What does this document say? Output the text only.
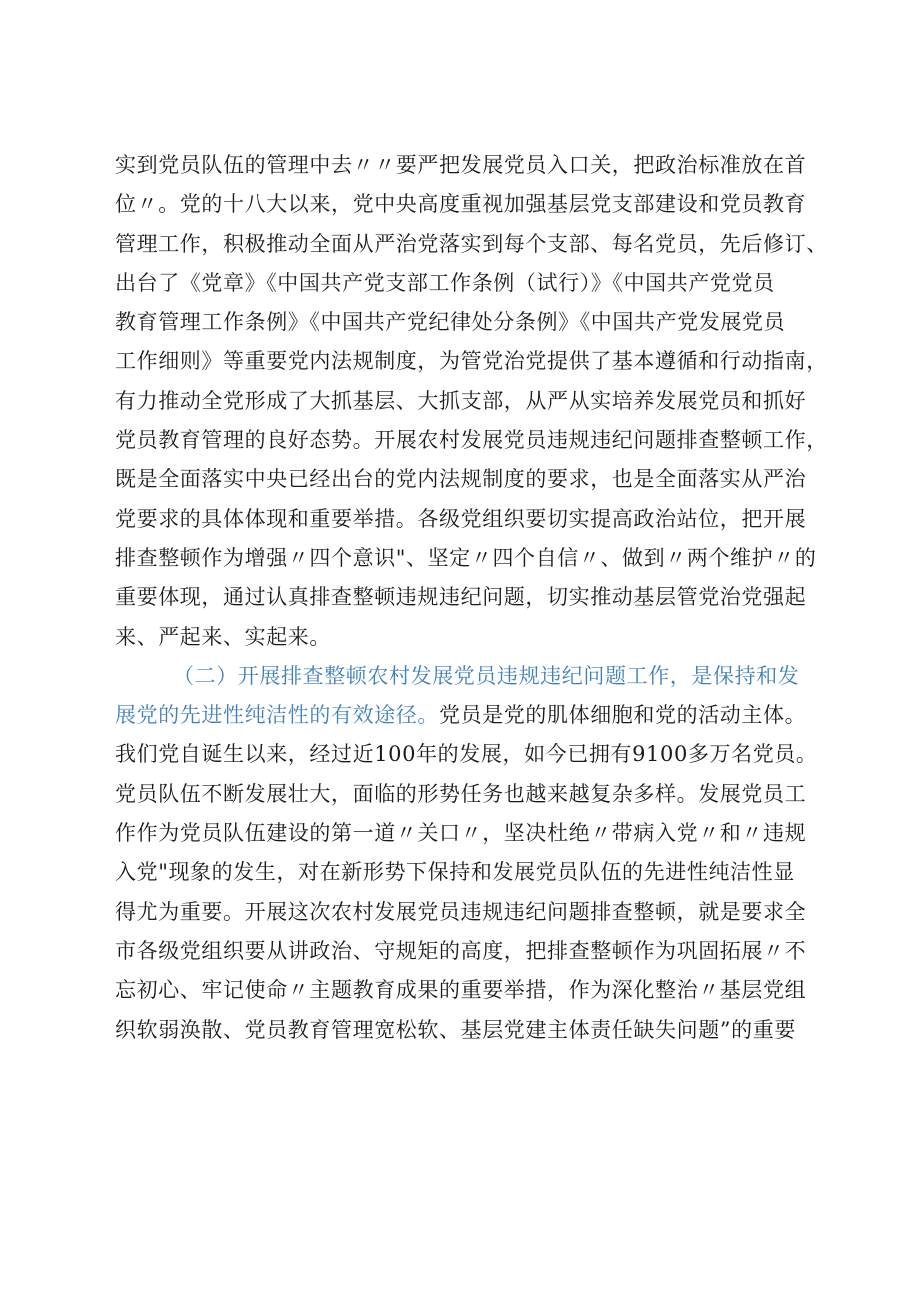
实到党员队伍的管理中去〃〃要严把发展党员入口关，把政治标准放在首
位〃。党的十八大以来，党中央高度重视加强基层党支部建设和党员教育
管理工作，积极推动全面从严治党落实到每个支部、每名党员，先后修订、
出台了《党章》《中国共产党支部工作条例（试行）》《中国共产党党员
教育管理工作条例》《中国共产党纪律处分条例》《中国共产党发展党员
工作细则》等重要党内法规制度，为管党治党提供了基本遵循和行动指南，
有力推动全党形成了大抓基层、大抓支部，从严从实培养发展党员和抓好
党员教育管理的良好态势。开展农村发展党员违规违纪问题排查整顿工作，
既是全面落实中央已经出台的党内法规制度的要求，也是全面落实从严治
党要求的具体体现和重要举措。各级党组织要切实提高政治站位，把开展
排查整顿作为增强〃四个意识"、坚定〃四个自信〃、做到〃两个维护〃的
重要体现，通过认真排查整顿违规违纪问题，切实推动基层管党治党强起
来、严起来、实起来。
（二）开展排查整顿农村发展党员违规违纪问题工作，是保持和发
展党的先进性纯洁性的有效途径。党员是党的肌体细胞和党的活动主体。
我们党自诞生以来，经过近100年的发展，如今已拥有9100多万名党员。
党员队伍不断发展壮大，面临的形势任务也越来越复杂多样。发展党员工
作作为党员队伍建设的第一道〃关口〃，坚决杜绝〃带病入党〃和〃违规
入党"现象的发生，对在新形势下保持和发展党员队伍的先进性纯洁性显
得尤为重要。开展这次农村发展党员违规违纪问题排查整顿，就是要求全
市各级党组织要从讲政治、守规矩的高度，把排查整顿作为巩固拓展〃不
忘初心、牢记使命〃主题教育成果的重要举措，作为深化整治〃基层党组
织软弱涣散、党员教育管理宽松软、基层党建主体责任缺失问题”的重要
